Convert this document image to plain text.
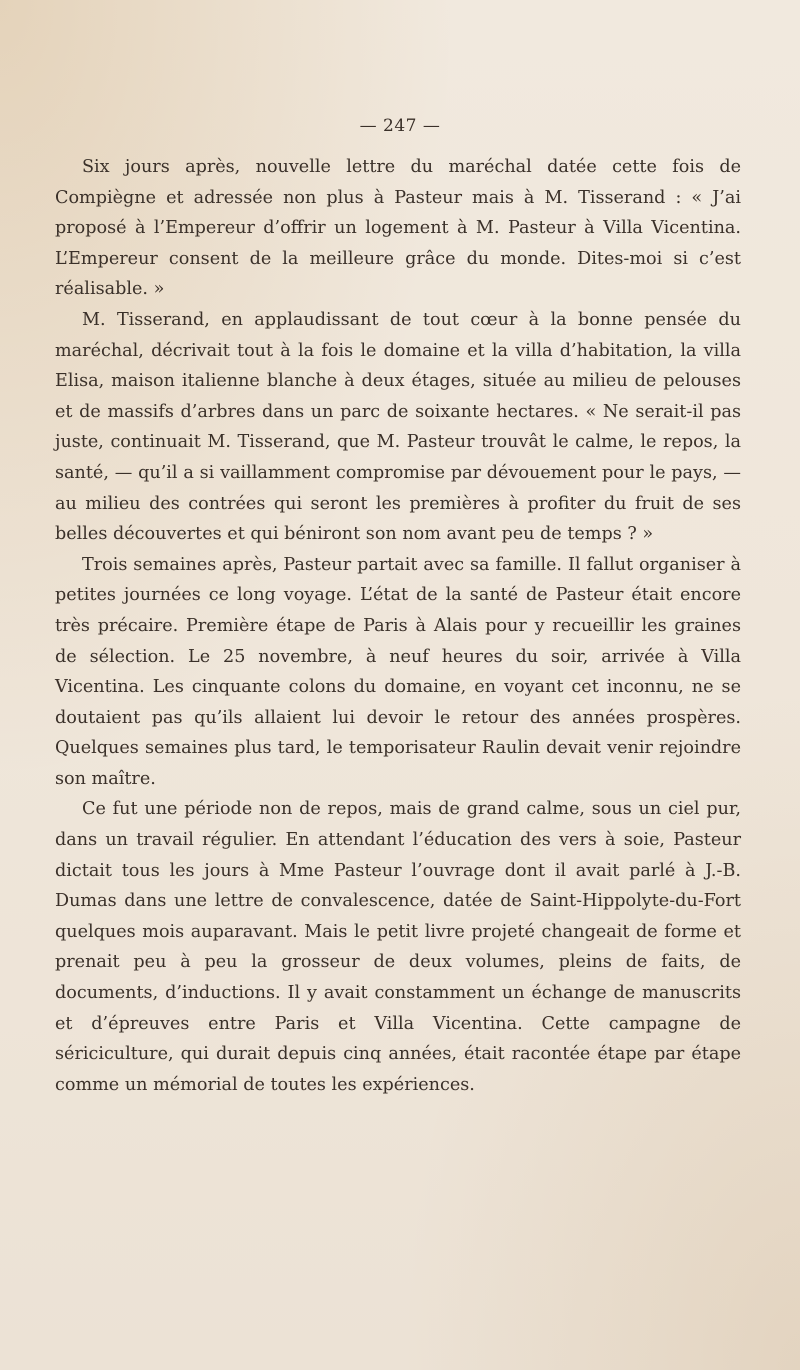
— 247 —

Six jours après, nouvelle lettre du maréchal datée cette fois de Compiègne et adressée non plus à Pasteur mais à M. Tisserand : « J’ai proposé à l’Empereur d’offrir un logement à M. Pasteur à Villa Vicentina. L’Empereur consent de la meilleure grâce du monde. Dites-moi si c’est réalisable. »

M. Tisserand, en applaudissant de tout cœur à la bonne pensée du maréchal, décrivait tout à la fois le domaine et la villa d’habitation, la villa Elisa, maison italienne blanche à deux étages, située au milieu de pelouses et de massifs d’arbres dans un parc de soixante hectares. « Ne serait-il pas juste, continuait M. Tisserand, que M. Pasteur trouvât le calme, le repos, la santé, — qu’il a si vaillamment compromise par dévouement pour le pays, — au milieu des contrées qui seront les premières à profiter du fruit de ses belles découvertes et qui béniront son nom avant peu de temps ? »

Trois semaines après, Pasteur partait avec sa famille. Il fallut organiser à petites journées ce long voyage. L’état de la santé de Pasteur était encore très précaire. Première étape de Paris à Alais pour y recueillir les graines de sélection. Le 25 novembre, à neuf heures du soir, arrivée à Villa Vicentina. Les cinquante colons du domaine, en voyant cet inconnu, ne se doutaient pas qu’ils allaient lui devoir le retour des années prospères. Quelques semaines plus tard, le temporisateur Raulin devait venir rejoindre son maître.

Ce fut une période non de repos, mais de grand calme, sous un ciel pur, dans un travail régulier. En attendant l’éducation des vers à soie, Pasteur dictait tous les jours à Mme Pasteur l’ouvrage dont il avait parlé à J.-B. Dumas dans une lettre de convalescence, datée de Saint-Hippolyte-du-Fort quelques mois auparavant. Mais le petit livre projeté changeait de forme et prenait peu à peu la grosseur de deux volumes, pleins de faits, de documents, d’inductions. Il y avait constamment un échange de manuscrits et d’épreuves entre Paris et Villa Vicentina. Cette campagne de sériciculture, qui durait depuis cinq années, était racontée étape par étape comme un mémorial de toutes les expériences.
